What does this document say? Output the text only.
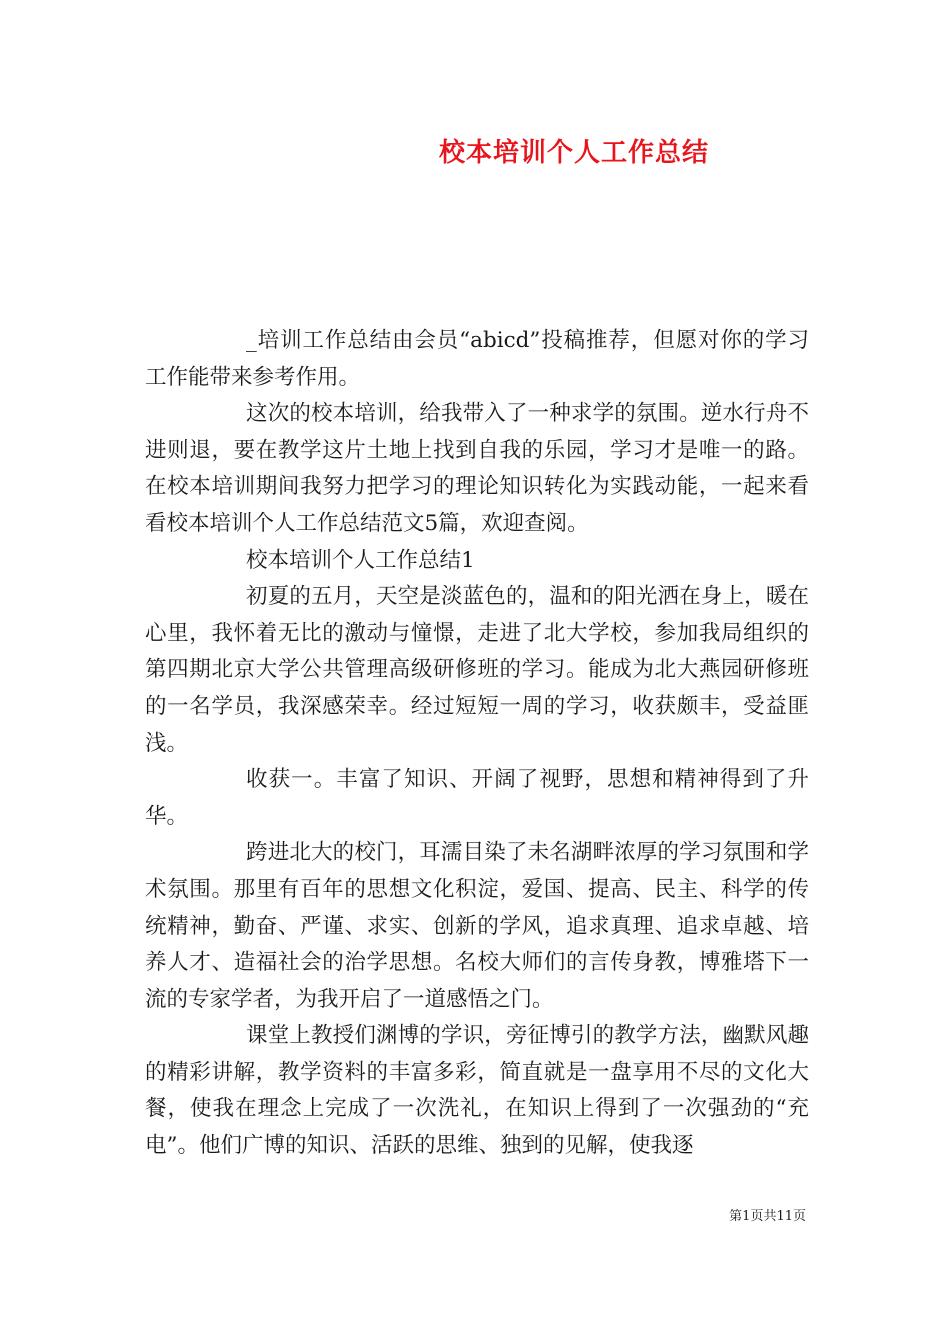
校本培训个人工作总结

_培训工作总结由会员“abicd”投稿推荐，但愿对你的学习工作能带来参考作用。

这次的校本培训，给我带入了一种求学的氛围。逆水行舟不进则退，要在教学这片土地上找到自我的乐园，学习才是唯一的路。在校本培训期间我努力把学习的理论知识转化为实践动能，一起来看看校本培训个人工作总结范文5篇，欢迎查阅。

校本培训个人工作总结1

初夏的五月，天空是淡蓝色的，温和的阳光洒在身上，暖在心里，我怀着无比的激动与憧憬，走进了北大学校，参加我局组织的第四期北京大学公共管理高级研修班的学习。能成为北大燕园研修班的一名学员，我深感荣幸。经过短短一周的学习，收获颇丰，受益匪浅。

收获一。丰富了知识、开阔了视野，思想和精神得到了升华。

跨进北大的校门，耳濡目染了未名湖畔浓厚的学习氛围和学术氛围。那里有百年的思想文化积淀，爱国、提高、民主、科学的传统精神，勤奋、严谨、求实、创新的学风，追求真理、追求卓越、培养人才、造福社会的治学思想。名校大师们的言传身教，博雅塔下一流的专家学者，为我开启了一道感悟之门。

课堂上教授们渊博的学识，旁征博引的教学方法，幽默风趣的精彩讲解，教学资料的丰富多彩，简直就是一盘享用不尽的文化大餐，使我在理念上完成了一次洗礼，在知识上得到了一次强劲的“充电”。他们广博的知识、活跃的思维、独到的见解，使我逐

第1页共11页
